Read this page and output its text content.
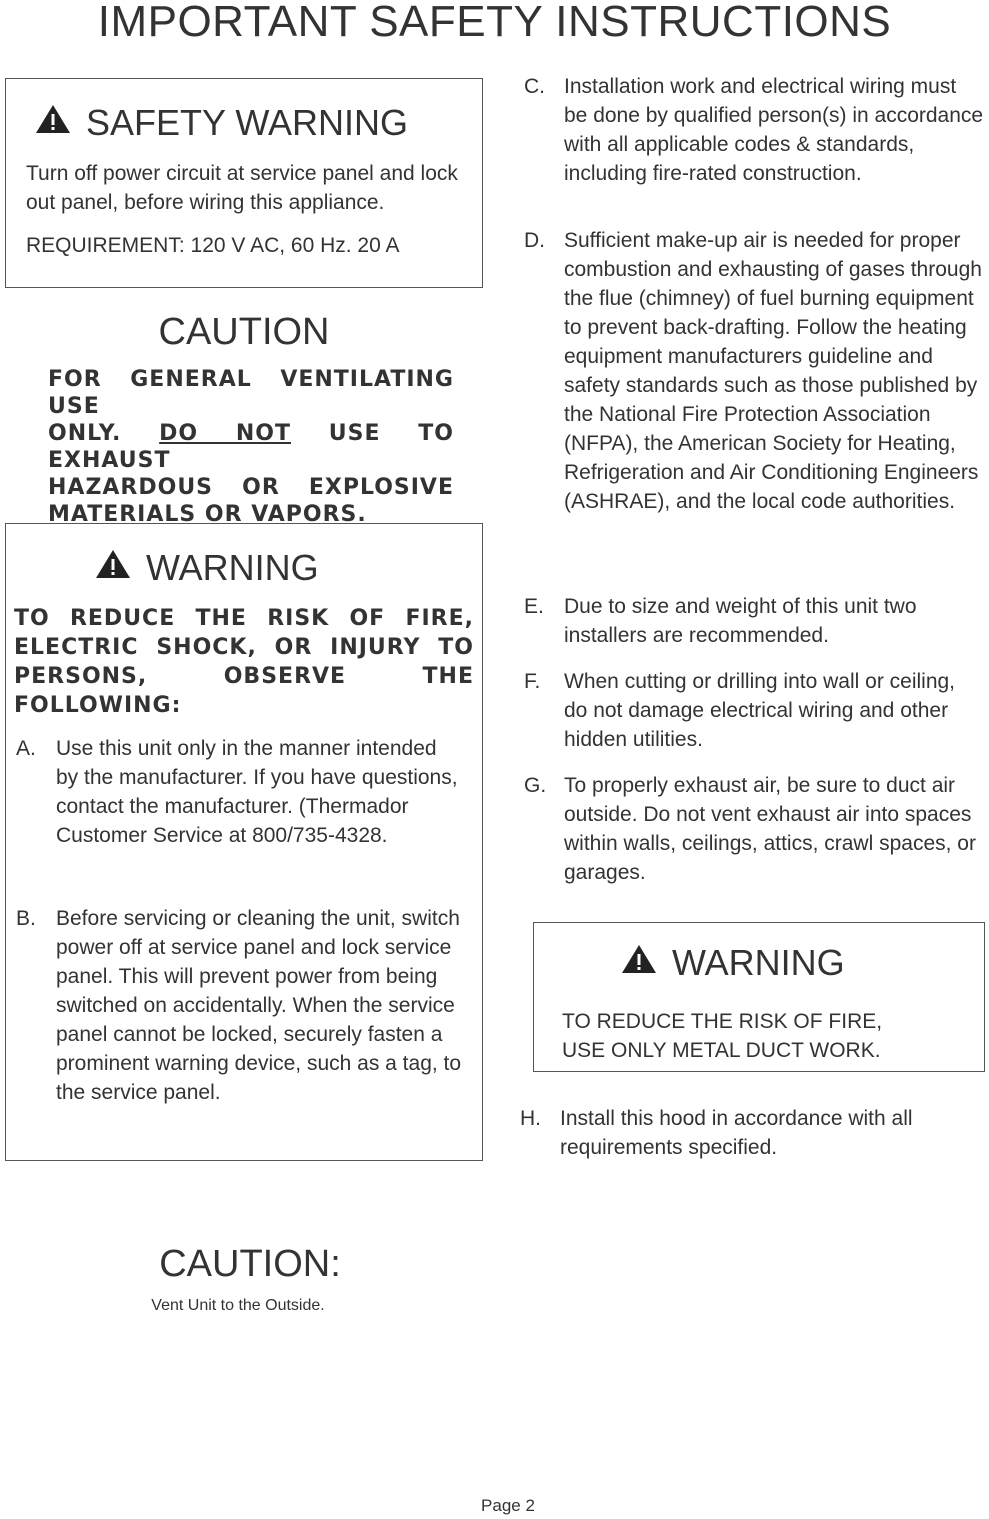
IMPORTANT SAFETY INSTRUCTIONS
SAFETY WARNING
Turn off power circuit at service panel and lock out panel, before wiring this appliance.
REQUIREMENT: 120 V AC, 60 Hz. 20 A
CAUTION
FOR GENERAL VENTILATING USE
ONLY. DO NOT USE TO EXHAUST
HAZARDOUS OR EXPLOSIVE
MATERIALS OR VAPORS.
WARNING
TO REDUCE THE RISK OF FIRE, ELECTRIC SHOCK, OR INJURY TO PERSONS, OBSERVE THE FOLLOWING:
A. Use this unit only in the manner intended by the manufacturer. If you have questions, contact the manufacturer. (Thermador Customer Service at 800/735-4328.
B. Before servicing or cleaning the unit, switch power off at service panel and lock service panel. This will prevent power from being switched on accidentally. When the service panel cannot be locked, securely fasten a prominent warning device, such as a tag, to the service panel.
C. Installation work and electrical wiring must be done by qualified person(s) in accordance with all applicable codes & standards, including fire-rated construction.
D. Sufficient make-up air is needed for proper combustion and exhausting of gases through the flue (chimney) of fuel burning equipment to prevent back-drafting. Follow the heating equipment manufacturers guideline and safety standards such as those published by the National Fire Protection Association (NFPA), the American Society for Heating, Refrigeration and Air Conditioning Engineers (ASHRAE), and the local code authorities.
E. Due to size and weight of this unit two installers are recommended.
F.	When cutting or drilling into wall or ceiling, do not damage electrical wiring and other hidden utilities.
G. To properly exhaust air, be sure to duct air outside. Do not vent exhaust air into spaces within walls, ceilings, attics, crawl spaces, or garages.
WARNING
TO REDUCE THE RISK OF FIRE,
USE ONLY METAL DUCT WORK.
H. Install this hood in accordance with all requirements specified.
CAUTION:
Vent Unit to the Outside.
Page 2
